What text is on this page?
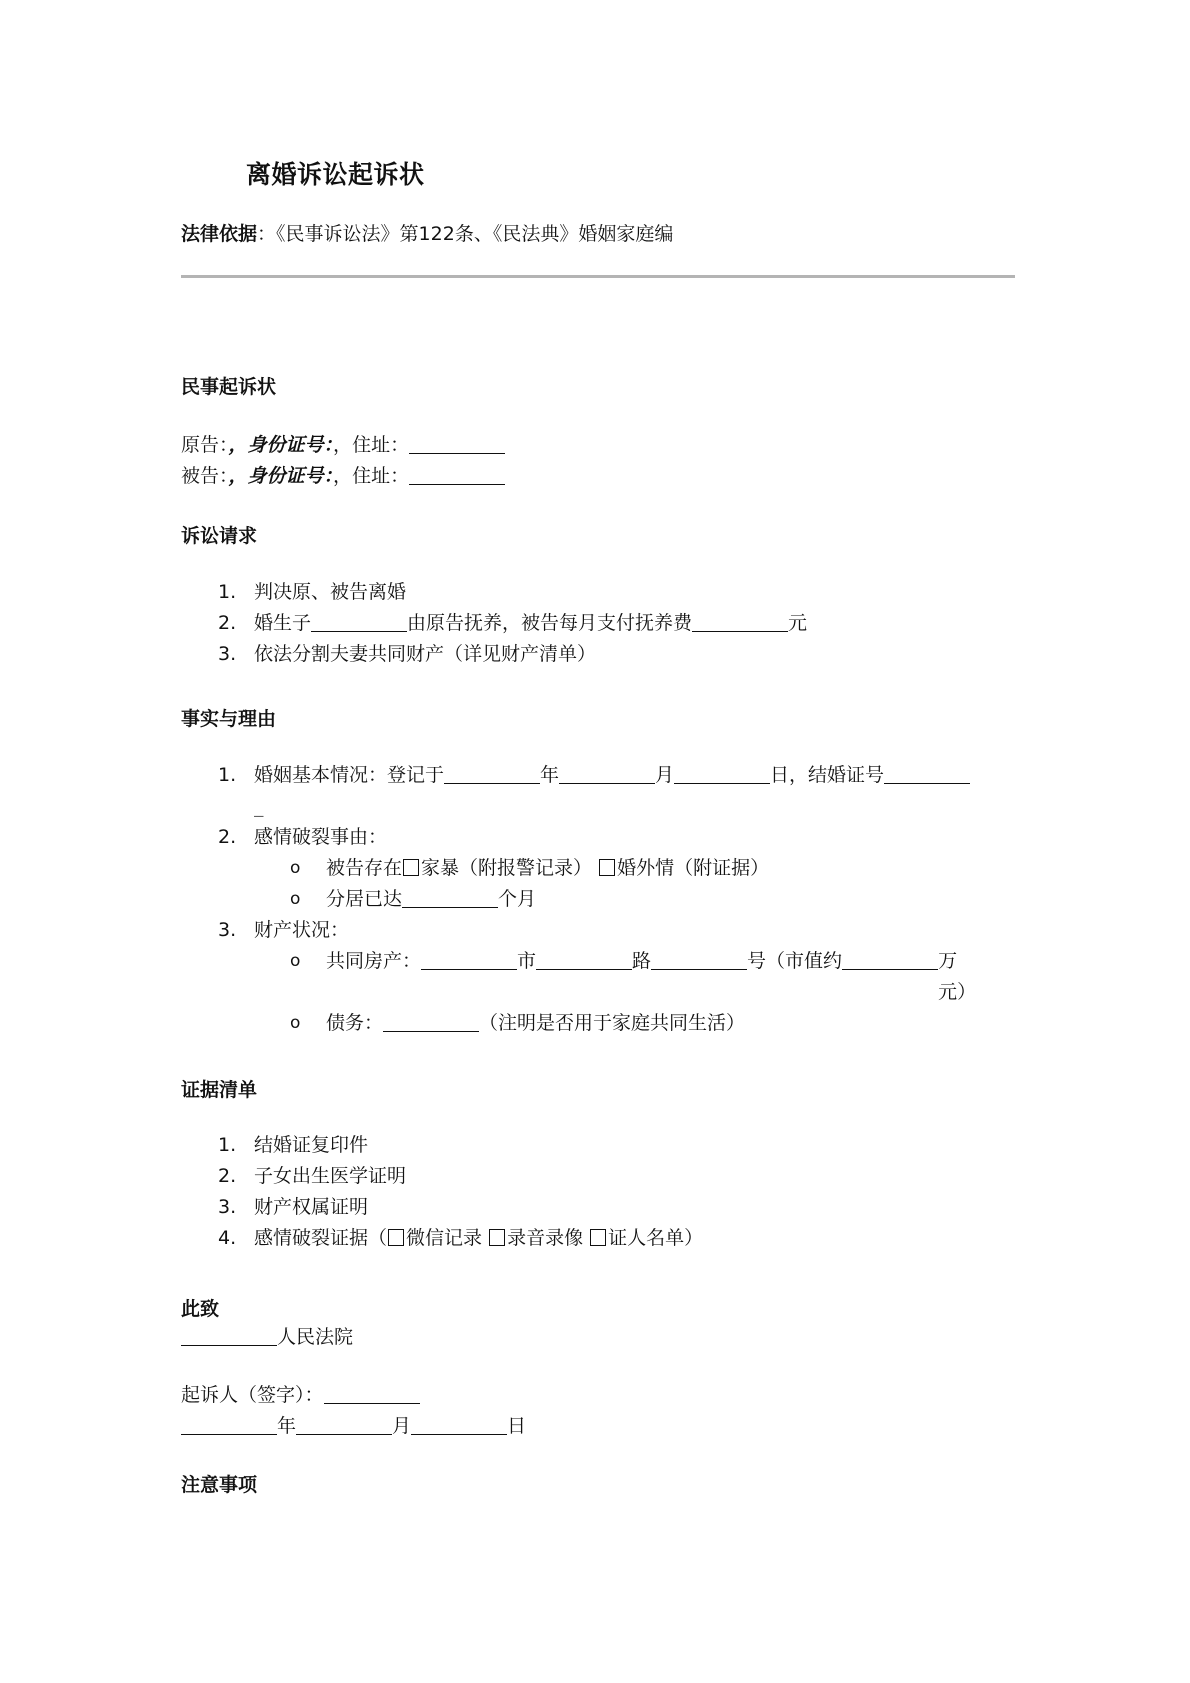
离婚诉讼起诉状
法律依据：《民事诉讼法》第122条、《民法典》婚姻家庭编
民事起诉状
原告：，身份证号：，住址：
被告：，身份证号：，住址：
诉讼请求
1. 判决原、被告离婚
2. 婚生子	由原告抚养，被告每月支付抚养费	元
3. 依法分割夫妻共同财产（详见财产清单）
事实与理由
1. 婚姻基本情况：登记于	年	月	日，结婚证号
_
2. 感情破裂事由：
o 被告存在 家暴（附报警记录） 婚外情（附证据）
o 分居已达	个月
3. 财产状况：
o 共同房产：	市	路	号（市值约	万元）
o 债务：	（注明是否用于家庭共同生活）
证据清单
1. 结婚证复印件
2. 子女出生医学证明
3. 财产权属证明
4. 感情破裂证据（ 微信记录 录音录像 证人名单）
此致
人民法院
起诉人（签字）：
年	月	日
注意事项
